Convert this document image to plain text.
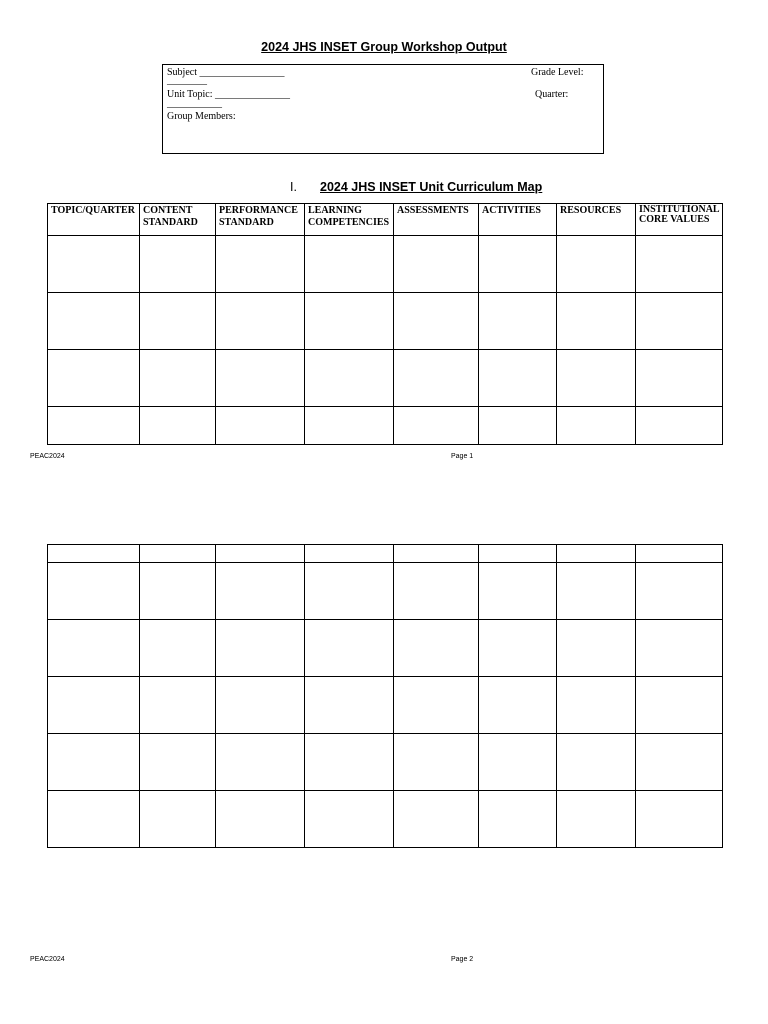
2024 JHS INSET Group Workshop Output
Subject _________________
________
Grade Level:
Unit Topic: _______________	Quarter:
___________
Group Members:
I. 2024 JHS INSET Unit Curriculum Map
TOPIC/QUARTER	CONTENT STANDARD	PERFORMANCE STANDARD	LEARNING COMPETENCIES	ASSESSMENTS	ACTIVITIES	RESOURCES	INSTITUTIONAL CORE VALUES

PEAC2024	Page 1

PEAC2024	Page 2
